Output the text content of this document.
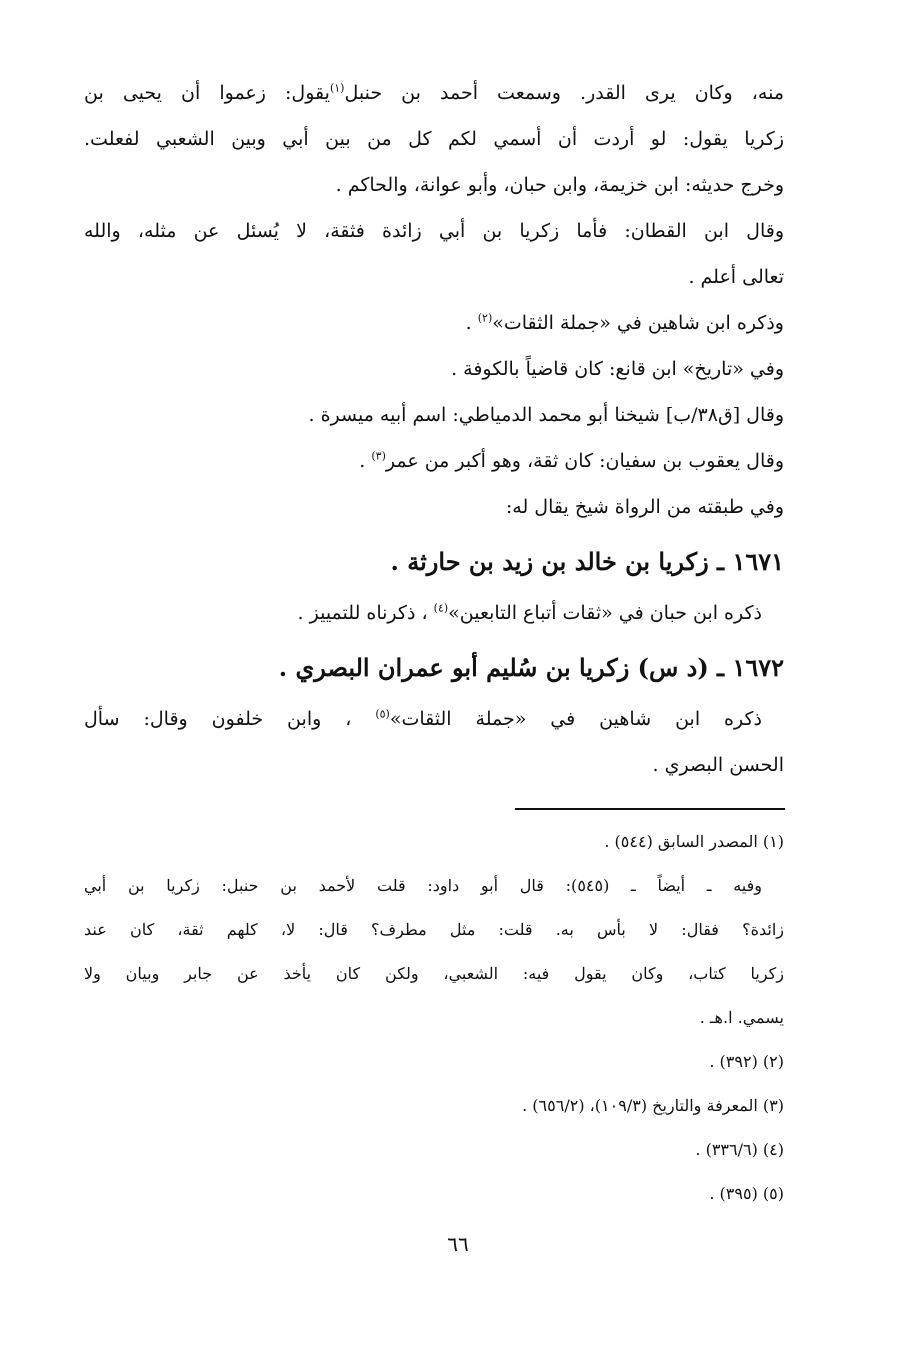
منه، وكان يرى القدر. وسمعت أحمد بن حنبل$^{(١)}$يقول: زعموا أن يحيى بن
زكريا يقول: لو أردت أن أسمي لكم كل من بين أبي وبين الشعبي لفعلت.
وخرج حديثه: ابن خزيمة، وابن حبان، وأبو عوانة، والحاكم .
وقال ابن القطان: فأما زكريا بن أبي زائدة فثقة، لا يُسئل عن مثله، والله
تعالى أعلم .
وذكره ابن شاهين في «جملة الثقات»$^{(٢)}$ .
وفي «تاريخ» ابن قانع: كان قاضياً بالكوفة .
وقال [ق٣٨/ب] شيخنا أبو محمد الدمياطي: اسم أبيه ميسرة .
وقال يعقوب بن سفيان: كان ثقة، وهو أكبر من عمر$^{(٣)}$ .
وفي طبقته من الرواة شيخ يقال له:
١٦٧١ ـ زكريا بن خالد بن زيد بن حارثة .
ذكره ابن حبان في «ثقات أتباع التابعين»$^{(٤)}$ ، ذكرناه للتمييز .
١٦٧٢ ـ (د س) زكريا بن سُليم أبو عمران البصري .
ذكره ابن شاهين في «جملة الثقات»$^{(٥)}$ ، وابن خلفون وقال: سأل
الحسن البصري .
(١) المصدر السابق (٥٤٤) .
وفيه ـ أيضاً ـ (٥٤٥): قال أبو داود: قلت لأحمد بن حنبل: زكريا بن أبي
زائدة؟ فقال: لا بأس به. قلت: مثل مطرف؟ قال: لا، كلهم ثقة، كان عند
زكريا كتاب، وكان يقول فيه: الشعبي، ولكن كان يأخذ عن جابر وبيان ولا
يسمي. ا.هـ .
(٢) (٣٩٢) .
(٣) المعرفة والتاريخ (١٠٩/٣)، (٦٥٦/٢) .
(٤) (٣٣٦/٦) .
(٥) (٣٩٥) .
٦٦
